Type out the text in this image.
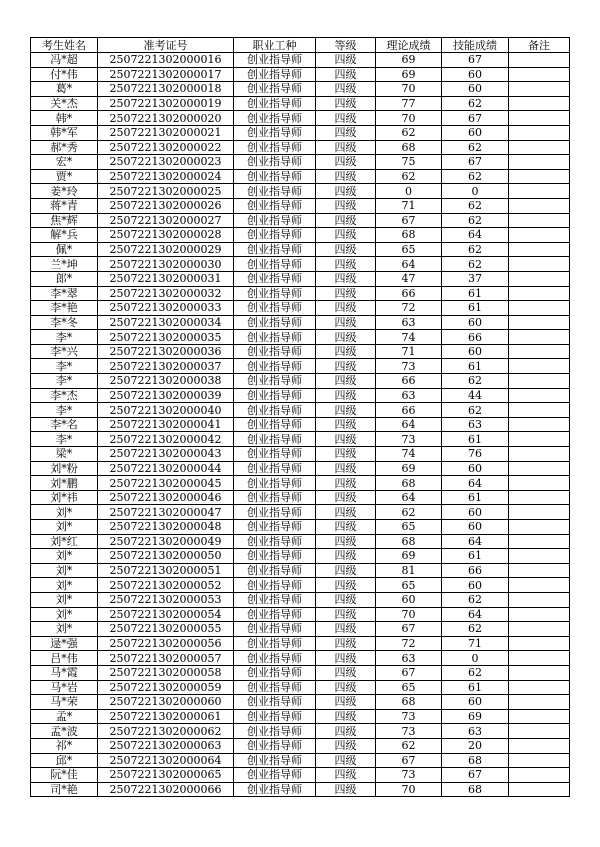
考生姓名	准考证号	职业工种	等级	理论成绩	技能成绩	备注
冯*超	2507221302000016	创业指导师	四级	69	67	
付*伟	2507221302000017	创业指导师	四级	69	60	
葛*	2507221302000018	创业指导师	四级	70	60	
关*杰	2507221302000019	创业指导师	四级	77	62	
韩*	2507221302000020	创业指导师	四级	70	67	
韩*军	2507221302000021	创业指导师	四级	62	60	
郝*秀	2507221302000022	创业指导师	四级	68	62	
宏*	2507221302000023	创业指导师	四级	75	67	
贾*	2507221302000024	创业指导师	四级	62	62	
姜*玲	2507221302000025	创业指导师	四级	0	0	
蒋*青	2507221302000026	创业指导师	四级	71	62	
焦*辉	2507221302000027	创业指导师	四级	67	62	
解*兵	2507221302000028	创业指导师	四级	68	64	
佩*	2507221302000029	创业指导师	四级	65	62	
兰*坤	2507221302000030	创业指导师	四级	64	62	
郎*	2507221302000031	创业指导师	四级	47	37	
李*翠	2507221302000032	创业指导师	四级	66	61	
李*艳	2507221302000033	创业指导师	四级	72	61	
李*冬	2507221302000034	创业指导师	四级	63	60	
李*	2507221302000035	创业指导师	四级	74	66	
李*兴	2507221302000036	创业指导师	四级	71	60	
李*	2507221302000037	创业指导师	四级	73	61	
李*	2507221302000038	创业指导师	四级	66	62	
李*杰	2507221302000039	创业指导师	四级	63	44	
李*	2507221302000040	创业指导师	四级	66	62	
李*名	2507221302000041	创业指导师	四级	64	63	
李*	2507221302000042	创业指导师	四级	73	61	
梁*	2507221302000043	创业指导师	四级	74	76	
刘*粉	2507221302000044	创业指导师	四级	69	60	
刘*鹏	2507221302000045	创业指导师	四级	68	64	
刘*祎	2507221302000046	创业指导师	四级	64	61	
刘*	2507221302000047	创业指导师	四级	62	60	
刘*	2507221302000048	创业指导师	四级	65	60	
刘*红	2507221302000049	创业指导师	四级	68	64	
刘*	2507221302000050	创业指导师	四级	69	61	
刘*	2507221302000051	创业指导师	四级	81	66	
刘*	2507221302000052	创业指导师	四级	65	60	
刘*	2507221302000053	创业指导师	四级	60	62	
刘*	2507221302000054	创业指导师	四级	70	64	
刘*	2507221302000055	创业指导师	四级	67	62	
逯*强	2507221302000056	创业指导师	四级	72	71	
吕*伟	2507221302000057	创业指导师	四级	63	0	
马*霞	2507221302000058	创业指导师	四级	67	62	
马*岩	2507221302000059	创业指导师	四级	65	61	
马*荣	2507221302000060	创业指导师	四级	68	60	
孟*	2507221302000061	创业指导师	四级	73	69	
孟*波	2507221302000062	创业指导师	四级	73	63	
祁*	2507221302000063	创业指导师	四级	62	20	
邱*	2507221302000064	创业指导师	四级	67	68	
阮*佳	2507221302000065	创业指导师	四级	73	67	
司*艳	2507221302000066	创业指导师	四级	70	68	
